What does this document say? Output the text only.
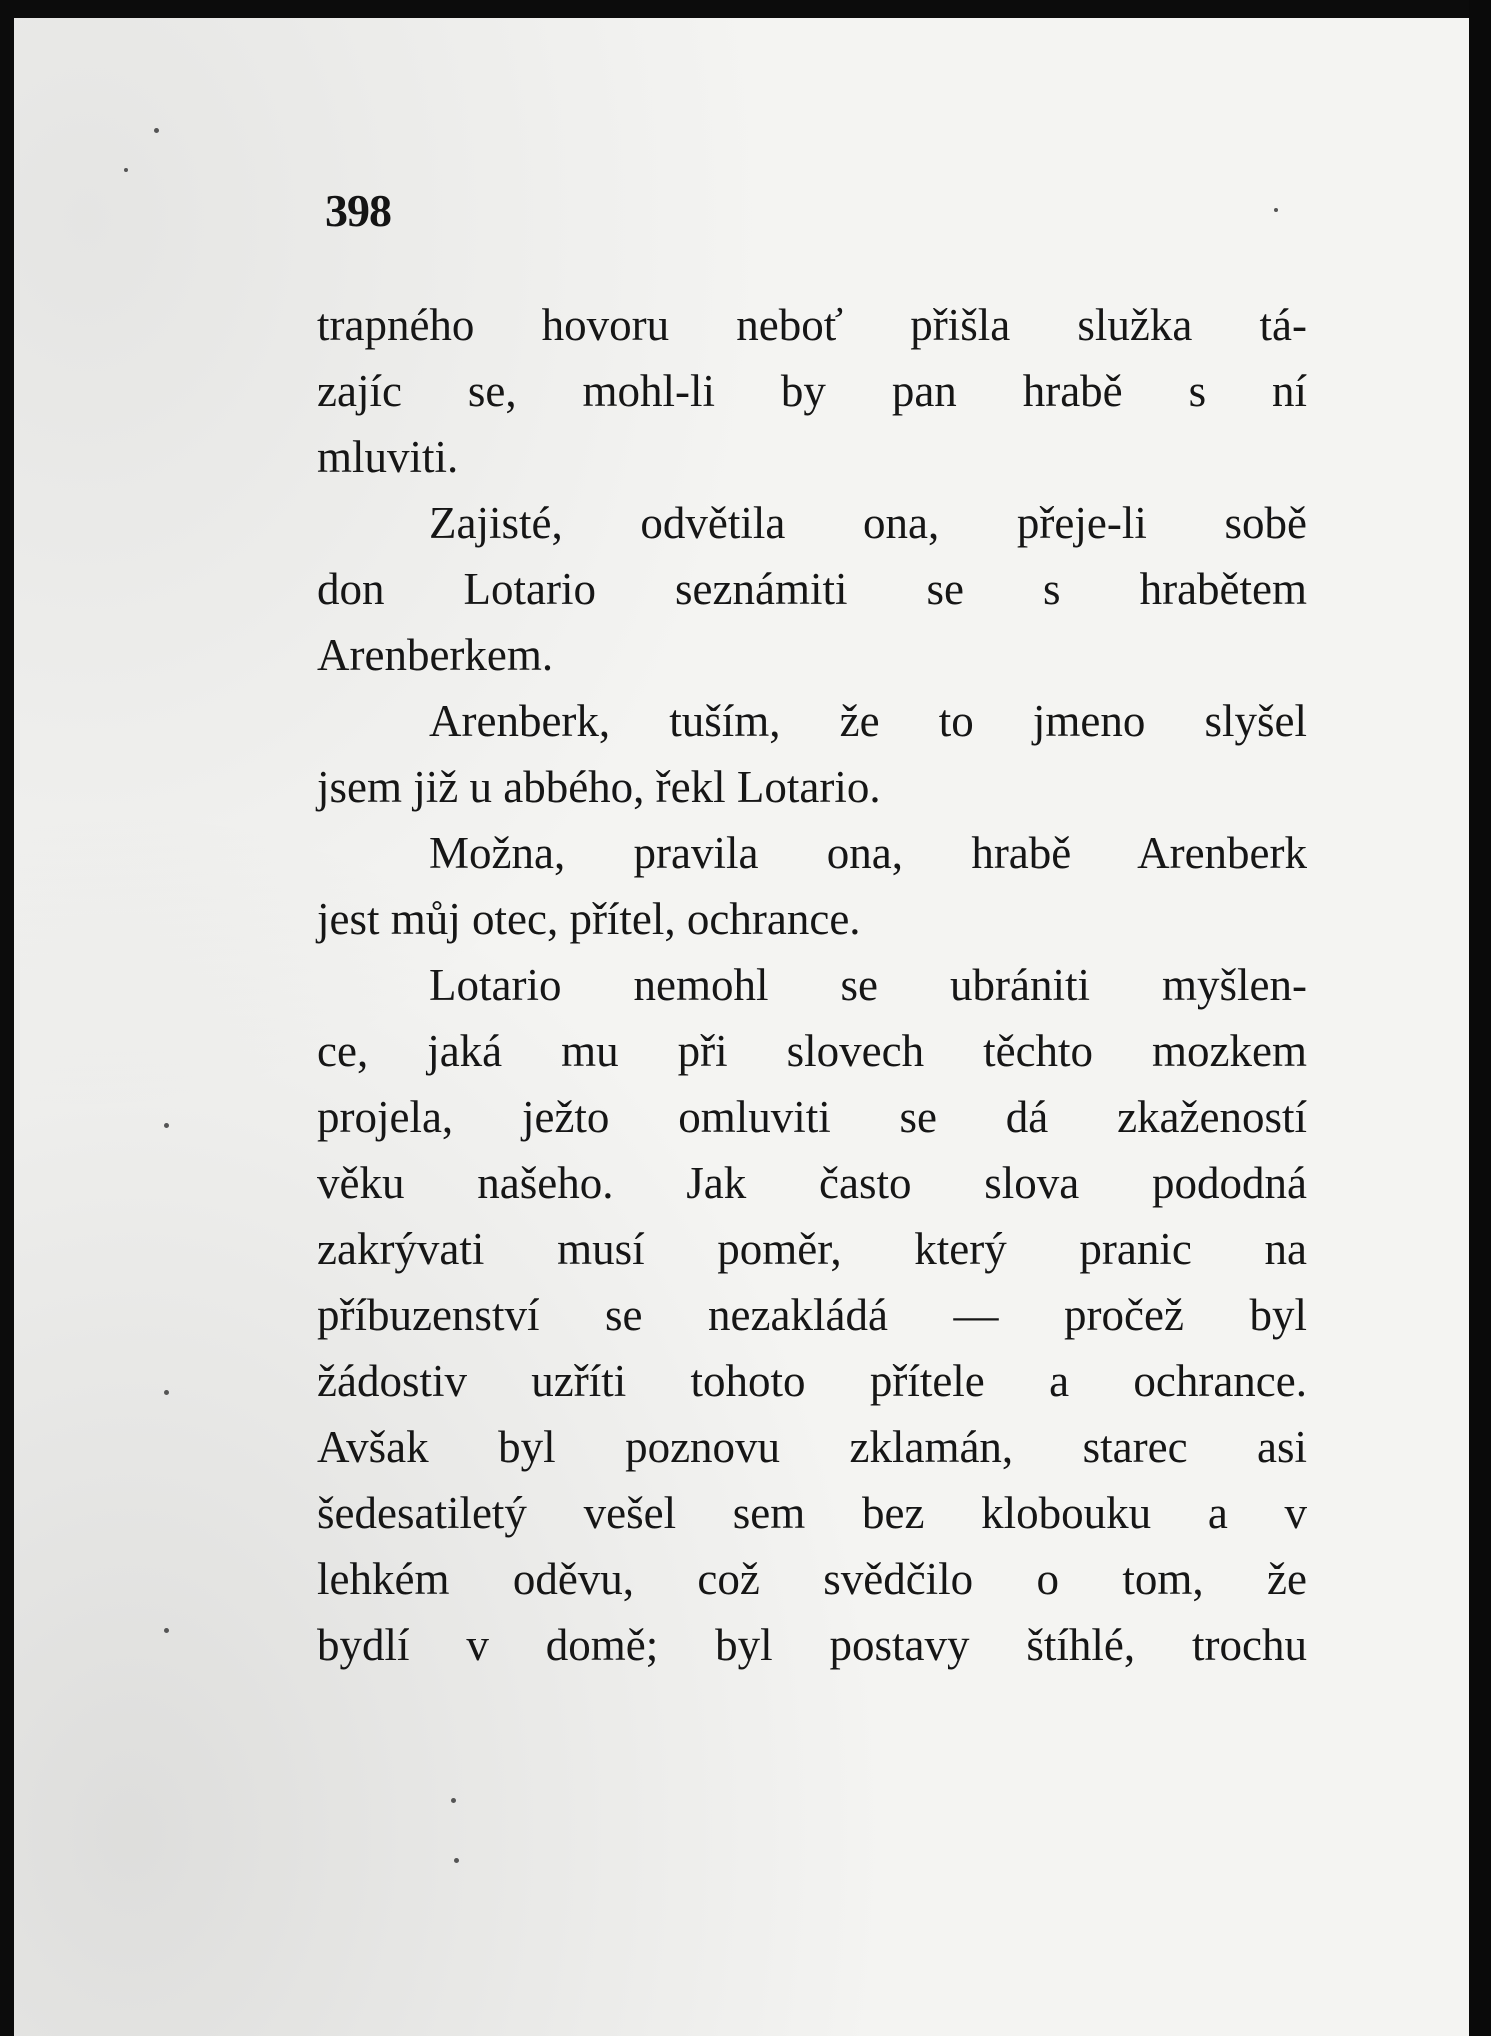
398
trapného hovoru neboť přišla služka tá-
zajíc se, mohl-li by pan hrabě s ní
mluviti.
Zajisté, odvětila ona, přeje-li sobě
don Lotario seznámiti se s hrabětem
Arenberkem.
Arenberk, tuším, že to jmeno slyšel
jsem již u abbého, řekl Lotario.
Možna, pravila ona, hrabě Arenberk
jest můj otec, přítel, ochrance.
Lotario nemohl se ubrániti myšlen-
ce, jaká mu při slovech těchto mozkem
projela, ježto omluviti se dá zkažeností
věku našeho. Jak často slova pododná
zakrývati musí poměr, který pranic na
příbuzenství se nezakládá — pročež byl
žádostiv uzříti tohoto přítele a ochrance.
Avšak byl poznovu zklamán, starec asi
šedesatiletý vešel sem bez klobouku a v
lehkém oděvu, což svědčilo o tom, že
bydlí v domě; byl postavy štíhlé, trochu
